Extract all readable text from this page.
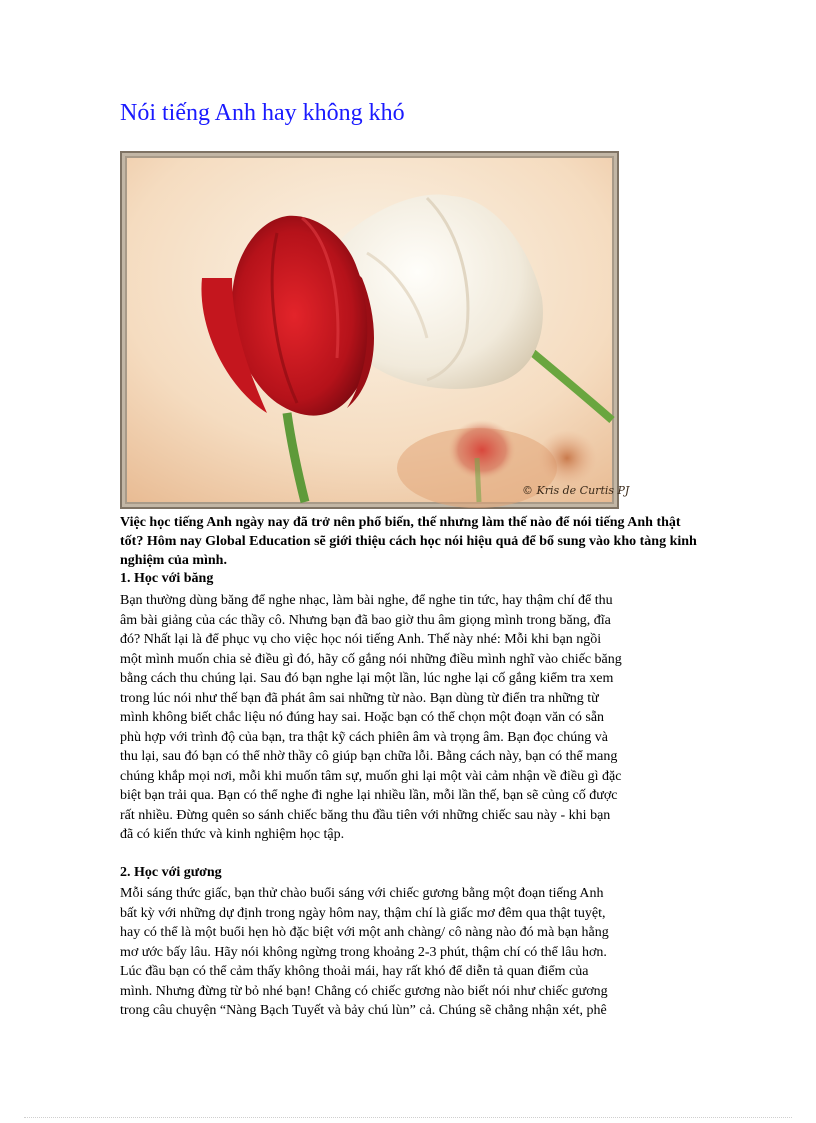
Nói tiếng Anh hay không khó
© Kris de Curtis PJ
Việc học tiếng Anh ngày nay đã trở nên phổ biến, thế nhưng làm thế nào để nói tiếng Anh thật tốt? Hôm nay Global Education sẽ giới thiệu cách học nói hiệu quả để bổ sung vào kho tàng kinh nghiệm của mình.
1. Học với băng
Bạn thường dùng băng để nghe nhạc, làm bài nghe, để nghe tin tức, hay thậm chí để thu
âm bài giảng của các thầy cô. Nhưng bạn đã bao giờ thu âm giọng mình trong băng, đĩa
đó? Nhất lại là để phục vụ cho việc học nói tiếng Anh. Thế này nhé: Mỗi khi bạn ngồi
một mình muốn chia sẻ điều gì đó, hãy cố gắng nói những điều mình nghĩ vào chiếc băng
bằng cách thu chúng lại. Sau đó bạn nghe lại một lần, lúc nghe lại cố gắng kiểm tra xem
trong lúc nói như thế bạn đã phát âm sai những từ nào. Bạn dùng từ điển tra những từ
mình không biết chắc liệu nó đúng hay sai. Hoặc bạn có thể chọn một đoạn văn có sẵn
phù hợp với trình độ của bạn, tra thật kỹ cách phiên âm và trọng âm. Bạn đọc chúng và
thu lại, sau đó bạn có thể nhờ thầy cô giúp bạn chữa lỗi. Bằng cách này, bạn có thể mang
chúng khắp mọi nơi, mỗi khi muốn tâm sự, muốn ghi lại một vài cảm nhận về điều gì đặc
biệt bạn trải qua. Bạn có thể nghe đi nghe lại nhiều lần, mỗi lần thế, bạn sẽ củng cố được
rất nhiều. Đừng quên so sánh chiếc băng thu đầu tiên với những chiếc sau này - khi bạn
đã có kiến thức và kinh nghiệm học tập.
2. Học với gương
Mỗi sáng thức giấc, bạn thử chào buổi sáng với chiếc gương bằng một đoạn tiếng Anh
bất kỳ với những dự định trong ngày hôm nay, thậm chí là giấc mơ đêm qua thật tuyệt,
hay có thể là một buổi hẹn hò đặc biệt với một anh chàng/ cô nàng nào đó mà bạn hằng
mơ ước bấy lâu. Hãy nói không ngừng trong khoảng 2-3 phút, thậm chí có thể lâu hơn.
Lúc đầu bạn có thể cảm thấy không thoải mái, hay rất khó để diễn tả quan điểm của
mình. Nhưng đừng từ bỏ nhé bạn! Chẳng có chiếc gương nào biết nói như chiếc gương
trong câu chuyện “Nàng Bạch Tuyết và bảy chú lùn” cả. Chúng sẽ chẳng nhận xét, phê
